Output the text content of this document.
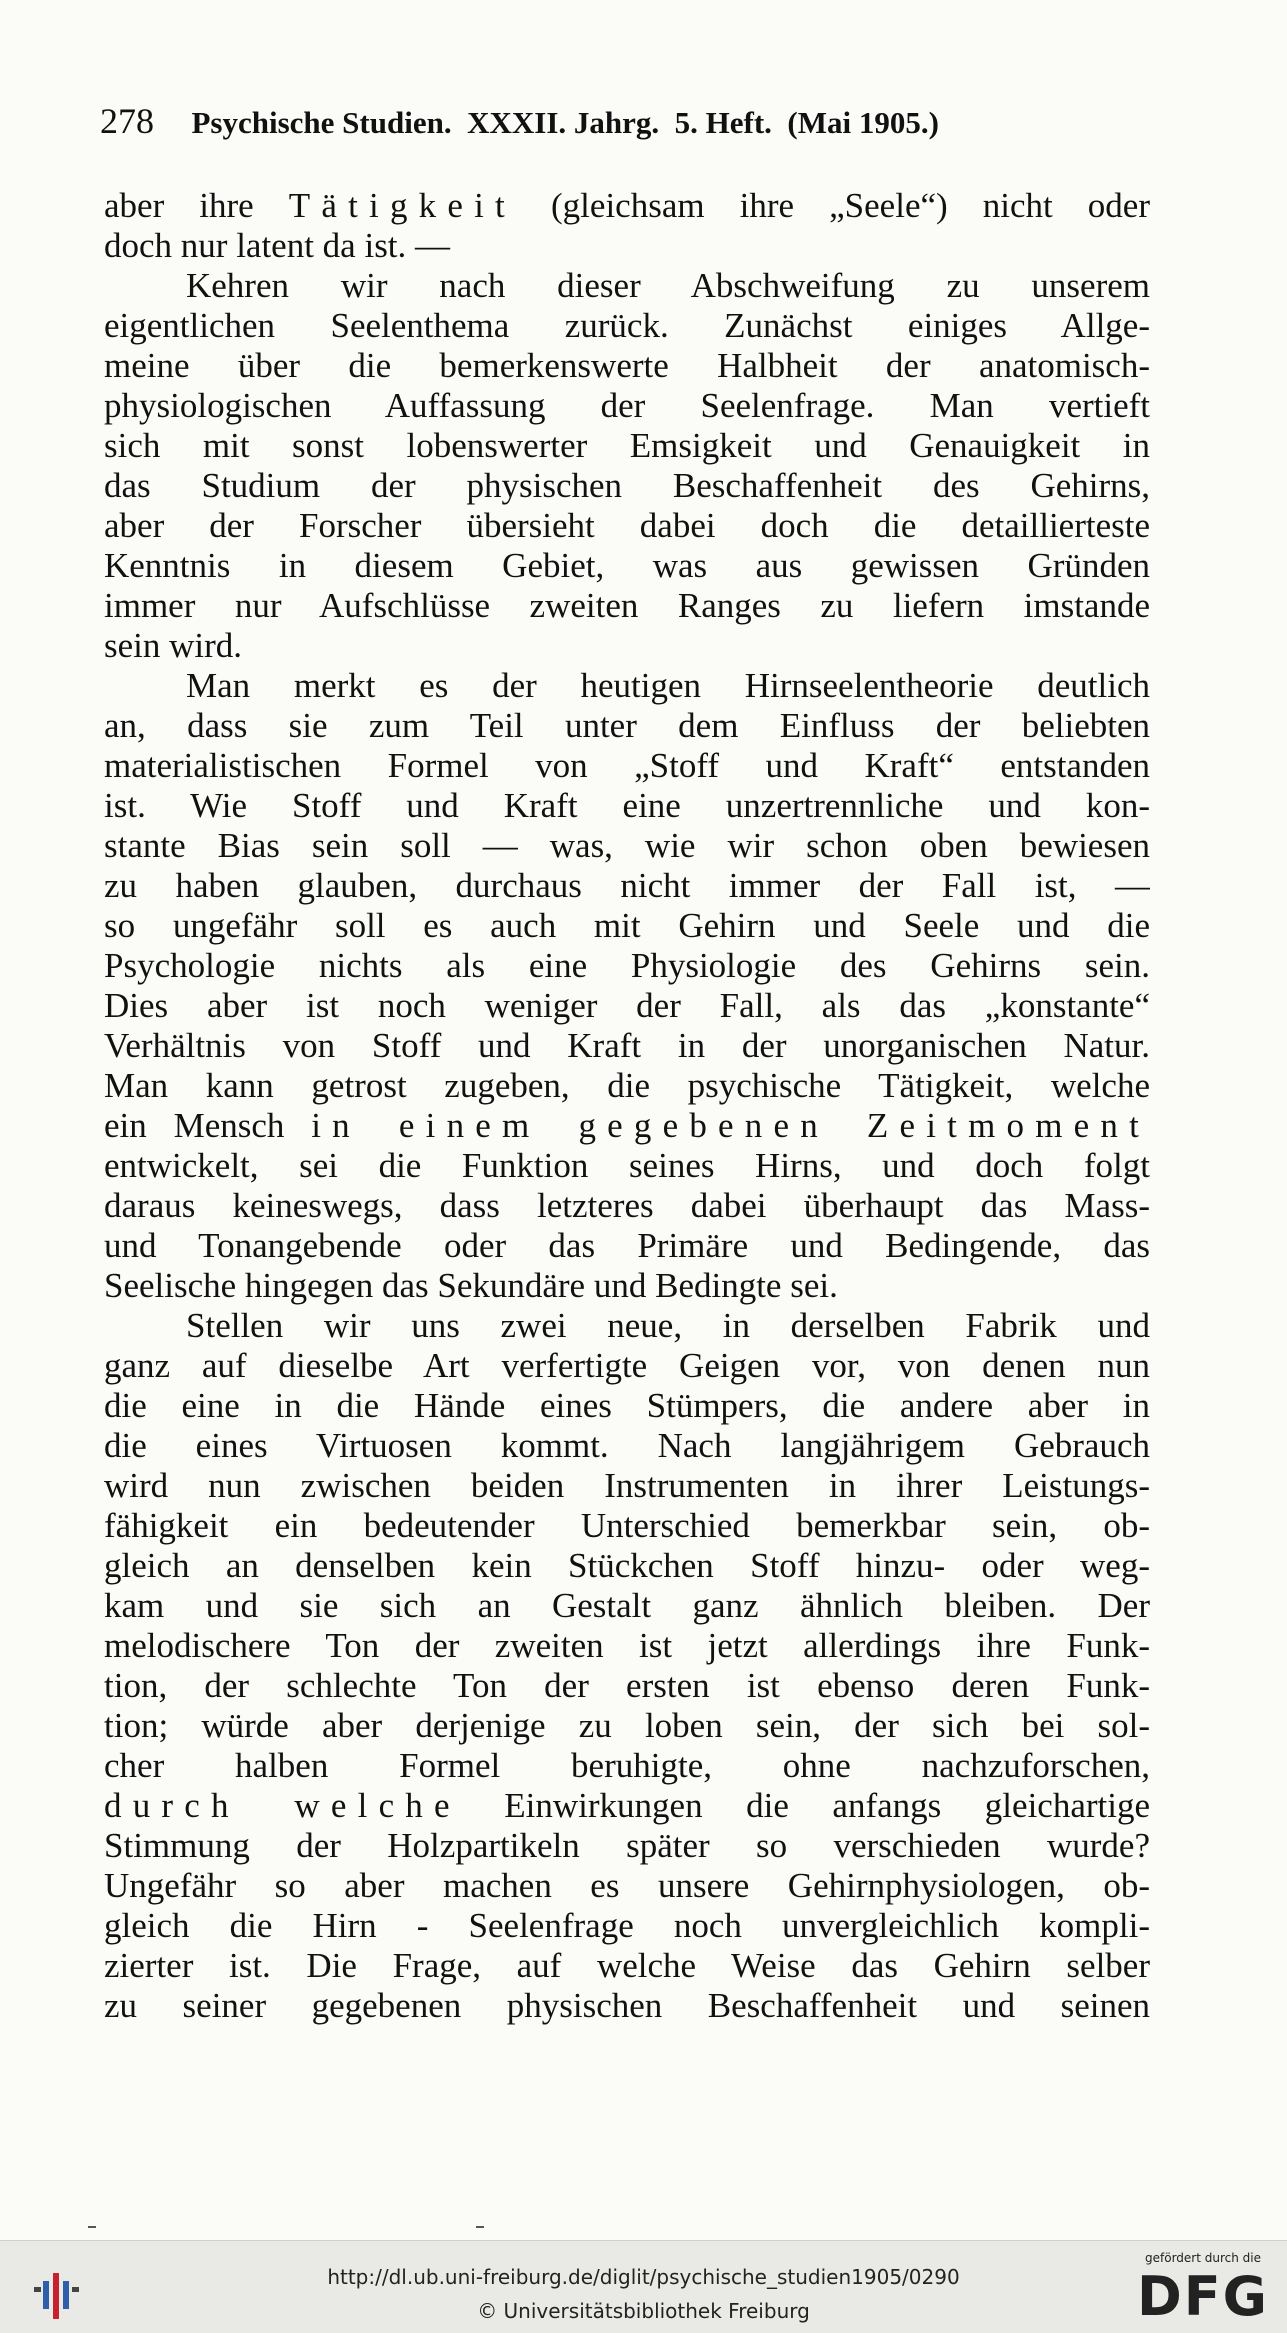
278 Psychische Studien.  XXXII. Jahrg.  5. Heft.  (Mai 1905.)
aber ihre Tätigkeit (gleichsam ihre „Seele“) nicht oder
doch nur latent da ist. —
Kehren wir nach dieser Abschweifung zu unserem
eigentlichen Seelenthema zurück. Zunächst einiges Allge-
meine über die bemerkenswerte Halbheit der anatomisch-
physiologischen Auffassung der Seelenfrage. Man vertieft
sich mit sonst lobenswerter Emsigkeit und Genauigkeit in
das Studium der physischen Beschaffenheit des Gehirns,
aber der Forscher übersieht dabei doch die detaillierteste
Kenntnis in diesem Gebiet, was aus gewissen Gründen
immer nur Aufschlüsse zweiten Ranges zu liefern imstande
sein wird.
Man merkt es der heutigen Hirnseelentheorie deutlich
an, dass sie zum Teil unter dem Einfluss der beliebten
materialistischen Formel von „Stoff und Kraft“ entstanden
ist. Wie Stoff und Kraft eine unzertrennliche und kon-
stante Bias sein soll — was, wie wir schon oben bewiesen
zu haben glauben, durchaus nicht immer der Fall ist, —
so ungefähr soll es auch mit Gehirn und Seele und die
Psychologie nichts als eine Physiologie des Gehirns sein.
Dies aber ist noch weniger der Fall, als das „konstante“
Verhältnis von Stoff und Kraft in der unorganischen Natur.
Man kann getrost zugeben, die psychische Tätigkeit, welche
ein Mensch in einem gegebenen Zeitmoment
entwickelt, sei die Funktion seines Hirns, und doch folgt
daraus keineswegs, dass letzteres dabei überhaupt das Mass-
und Tonangebende oder das Primäre und Bedingende, das
Seelische hingegen das Sekundäre und Bedingte sei.
Stellen wir uns zwei neue, in derselben Fabrik und
ganz auf dieselbe Art verfertigte Geigen vor, von denen nun
die eine in die Hände eines Stümpers, die andere aber in
die eines Virtuosen kommt. Nach langjährigem Gebrauch
wird nun zwischen beiden Instrumenten in ihrer Leistungs-
fähigkeit ein bedeutender Unterschied bemerkbar sein, ob-
gleich an denselben kein Stückchen Stoff hinzu- oder weg-
kam und sie sich an Gestalt ganz ähnlich bleiben. Der
melodischere Ton der zweiten ist jetzt allerdings ihre Funk-
tion, der schlechte Ton der ersten ist ebenso deren Funk-
tion; würde aber derjenige zu loben sein, der sich bei sol-
cher halben Formel beruhigte, ohne nachzuforschen,
durch welche Einwirkungen die anfangs gleichartige
Stimmung der Holzpartikeln später so verschieden wurde?
Ungefähr so aber machen es unsere Gehirnphysiologen, ob-
gleich die Hirn - Seelenfrage noch unvergleichlich kompli-
zierter ist. Die Frage, auf welche Weise das Gehirn selber
zu seiner gegebenen physischen Beschaffenheit und seinen
http://dl.ub.uni-freiburg.de/diglit/psychische_studien1905/0290
© Universitätsbibliothek Freiburg
gefördert durch die
DFG
